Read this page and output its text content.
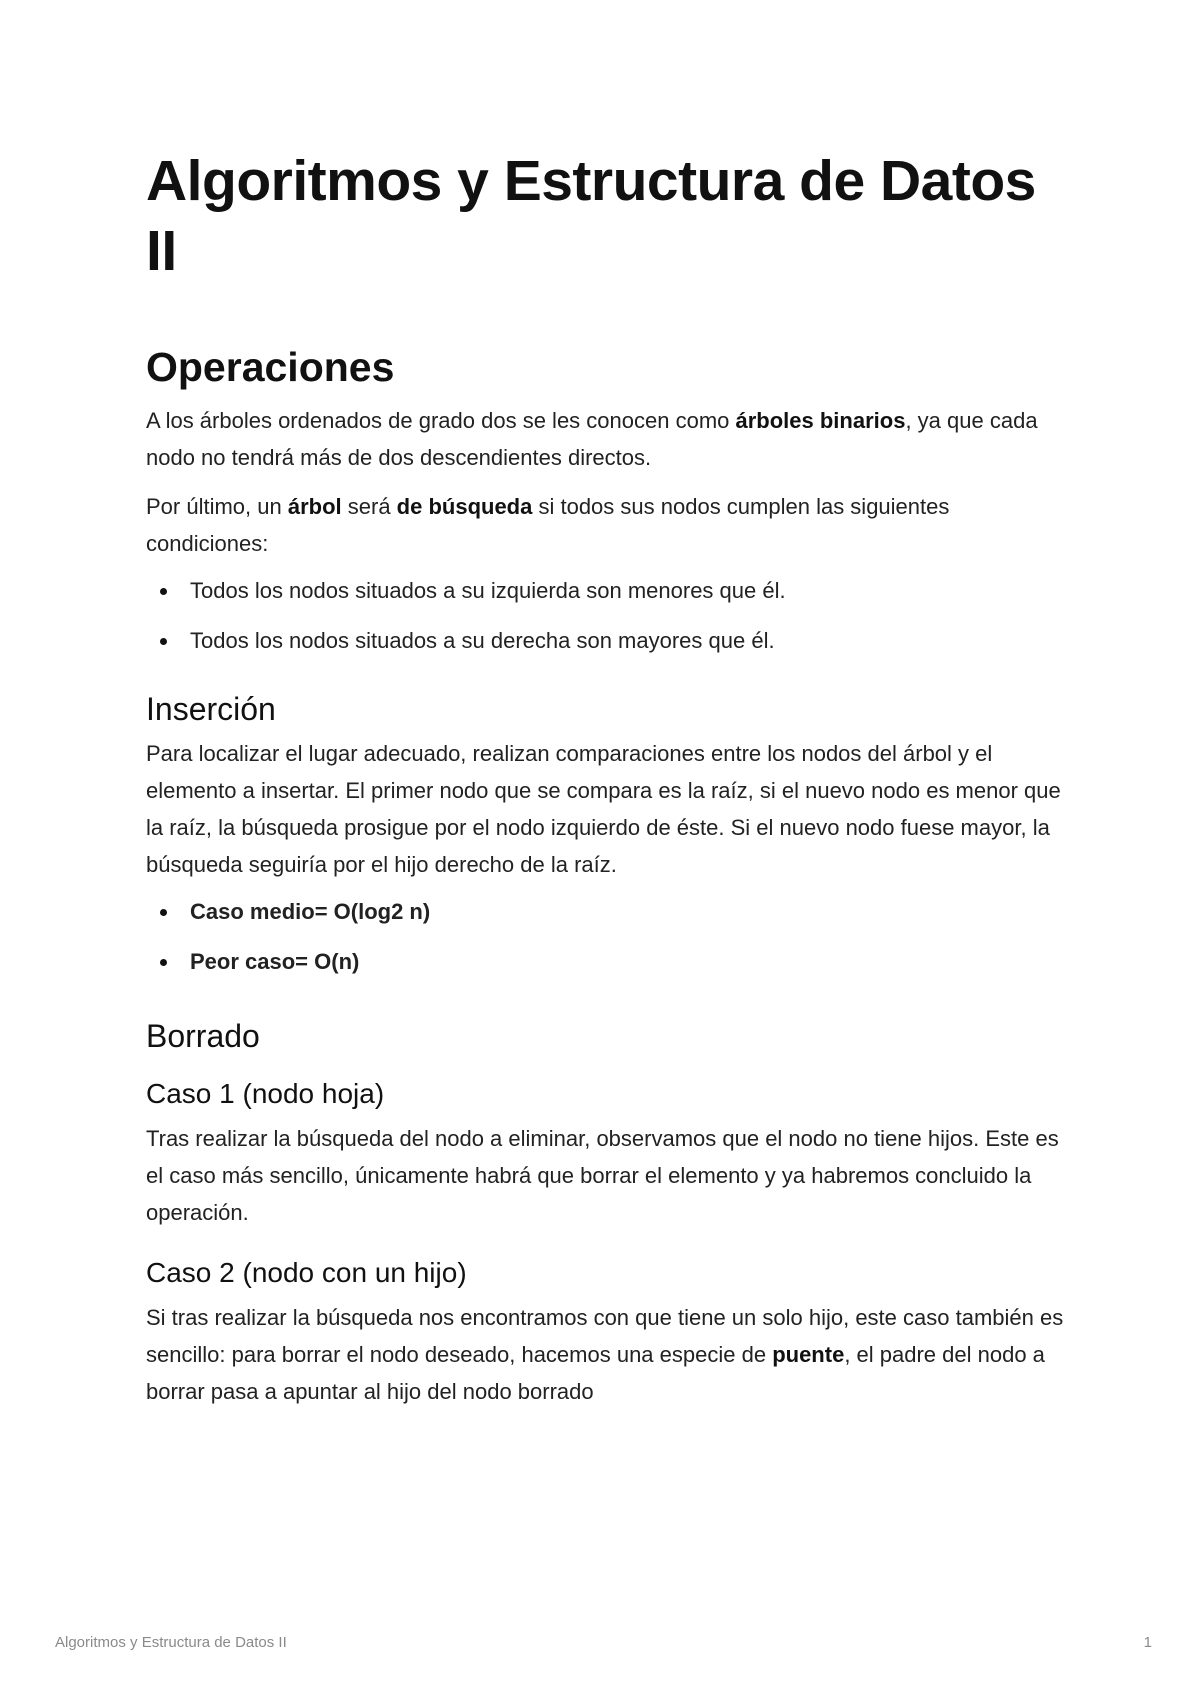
Algoritmos y Estructura de Datos II
Operaciones

A los árboles ordenados de grado dos se les conocen como árboles binarios, ya que cada nodo no tendrá más de dos descendientes directos.

Por último, un árbol será de búsqueda si todos sus nodos cumplen las siguientes condiciones:

Todos los nodos situados a su izquierda son menores que él.
Todos los nodos situados a su derecha son mayores que él.
Inserción

Para localizar el lugar adecuado, realizan comparaciones entre los nodos del árbol y el elemento a insertar. El primer nodo que se compara es la raíz, si el nuevo nodo es menor que la raíz, la búsqueda prosigue por el nodo izquierdo de éste. Si el nuevo nodo fuese mayor, la búsqueda seguiría por el hijo derecho de la raíz.

Caso medio= O(log2 n)
Peor caso= O(n)
Borrado
Caso 1 (nodo hoja)

Tras realizar la búsqueda del nodo a eliminar, observamos que el nodo no tiene hijos. Este es el caso más sencillo, únicamente habrá que borrar el elemento y ya habremos concluido la operación.

Caso 2 (nodo con un hijo)

Si tras realizar la búsqueda nos encontramos con que tiene un solo hijo, este caso también es sencillo: para borrar el nodo deseado, hacemos una especie de puente, el padre del nodo a borrar pasa a apuntar al hijo del nodo borrado

Algoritmos y Estructura de Datos II	1
